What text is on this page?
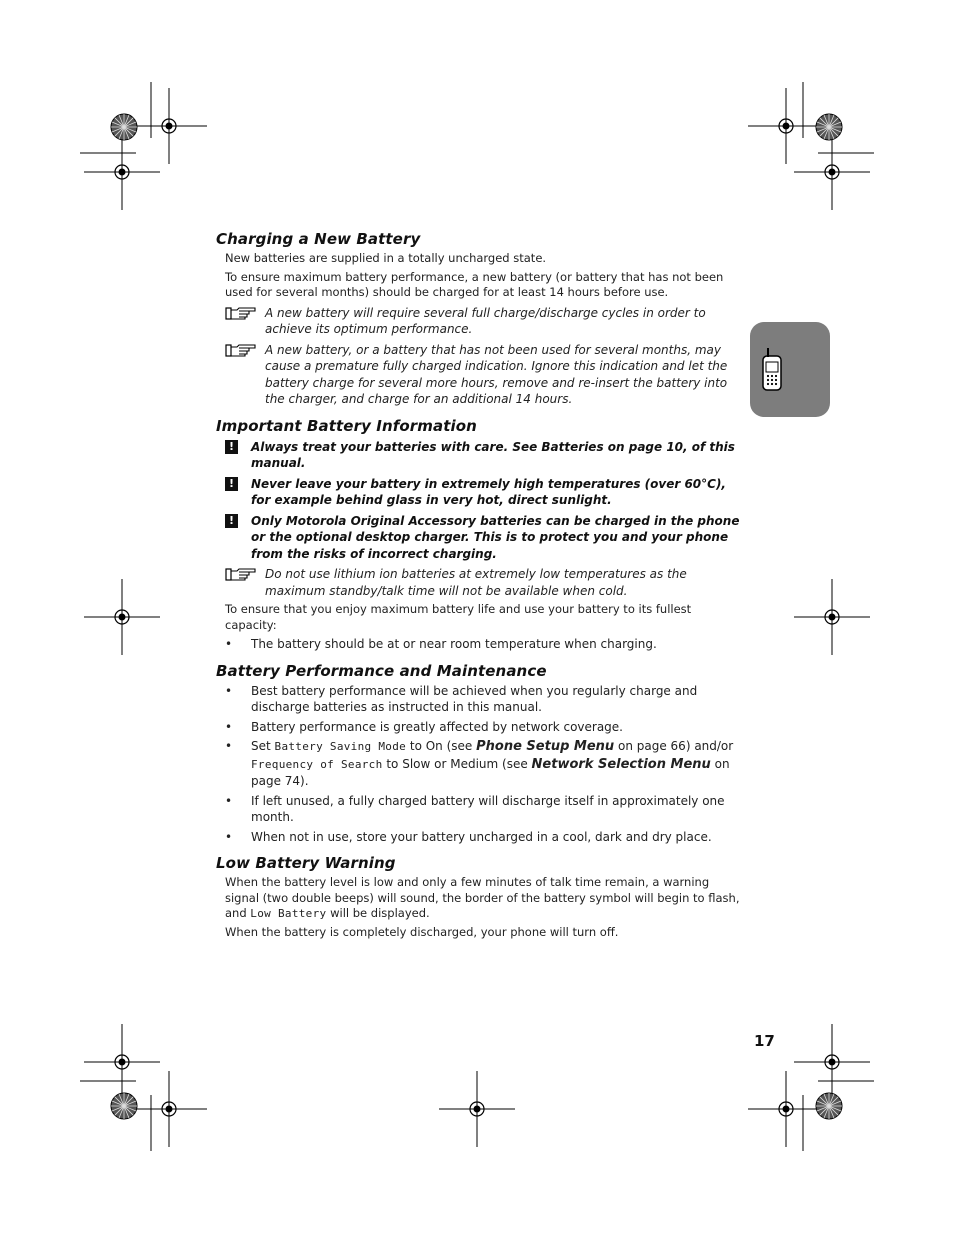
Charging a New Battery

New batteries are supplied in a totally uncharged state.

To ensure maximum battery performance, a new battery (or battery that has not been used for several months) should be charged for at least 14 hours before use.

A new battery will require several full charge/discharge cycles in order to achieve its optimum performance.
A new battery, or a battery that has not been used for several months, may cause a premature fully charged indication. Ignore this indication and let the battery charge for several more hours, remove and re-insert the battery into the charger, and charge for an additional 14 hours.
Important Battery Information
!	Always treat your batteries with care. See Batteries on page 10, of this manual.
!	Never leave your battery in extremely high temperatures (over 60°C), for example behind glass in very hot, direct sunlight.
!	Only Motorola Original Accessory batteries can be charged in the phone or the optional desktop charger. This is to protect you and your phone from the risks of incorrect charging.
Do not use lithium ion batteries at extremely low temperatures as the maximum standby/talk time will not be available when cold.

To ensure that you enjoy maximum battery life and use your battery to its fullest capacity:

• The battery should be at or near room temperature when charging.
Battery Performance and Maintenance
• Best battery performance will be achieved when you regularly charge and discharge batteries as instructed in this manual.
• Battery performance is greatly affected by network coverage.
• Set Battery Saving Mode to On (see Phone Setup Menu on page 66) and/or Frequency of Search to Slow or Medium (see Network Selection Menu on page 74).
• If left unused, a fully charged battery will discharge itself in approximately one month.
• When not in use, store your battery uncharged in a cool, dark and dry place.
Low Battery Warning

When the battery level is low and only a few minutes of talk time remain, a warning signal (two double beeps) will sound, the border of the battery symbol will begin to flash, and Low Battery will be displayed.

When the battery is completely discharged, your phone will turn off.

17
